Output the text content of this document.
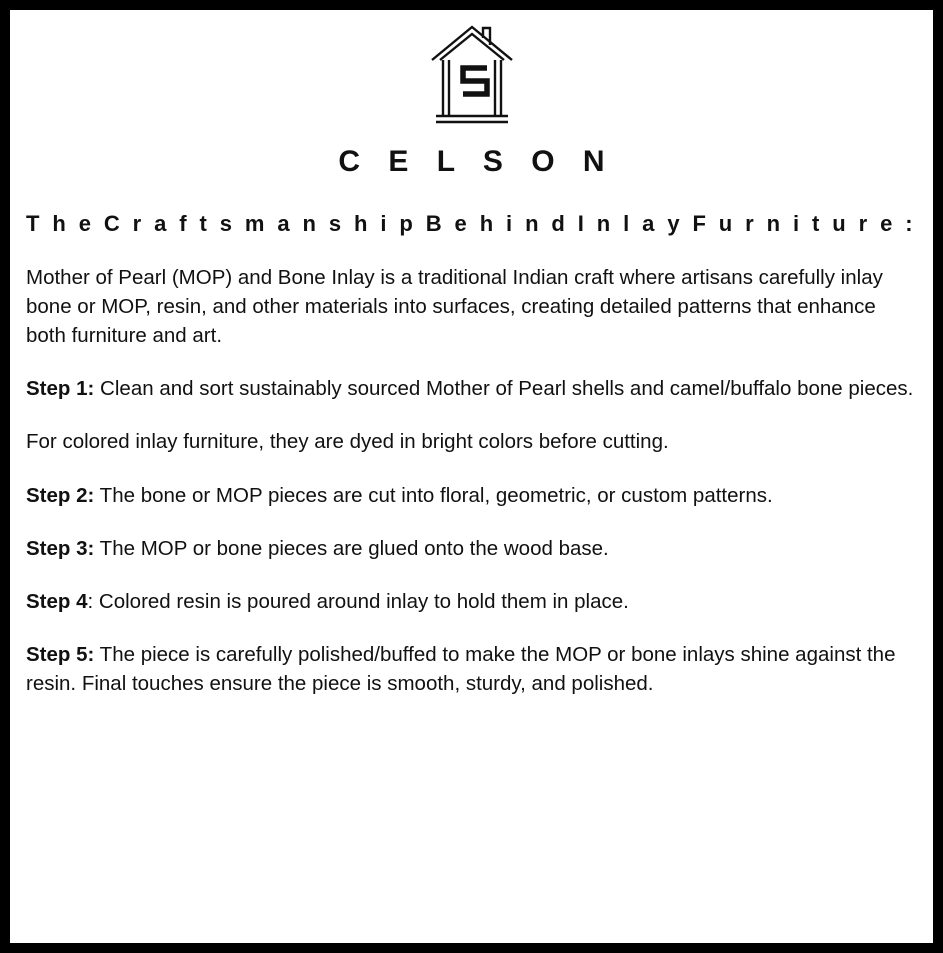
C E L S O N
T h e C r a f t s m a n s h i p B e h i n d I n l a y F u r n i t u r e :

Mother of Pearl (MOP) and Bone Inlay is a traditional Indian craft where artisans carefully inlay bone or MOP, resin, and other materials into surfaces, creating detailed patterns that enhance both furniture and art.

Step 1: Clean and sort sustainably sourced Mother of Pearl shells and camel/buffalo bone pieces.

For colored inlay furniture, they are dyed in bright colors before cutting.

Step 2: The bone or MOP pieces are cut into floral, geometric, or custom patterns.

Step 3: The MOP or bone pieces are glued onto the wood base.

Step 4: Colored resin is poured around inlay to hold them in place.

Step 5: The piece is carefully polished/buffed to make the MOP or bone inlays shine against the resin. Final touches ensure the piece is smooth, sturdy, and polished.
